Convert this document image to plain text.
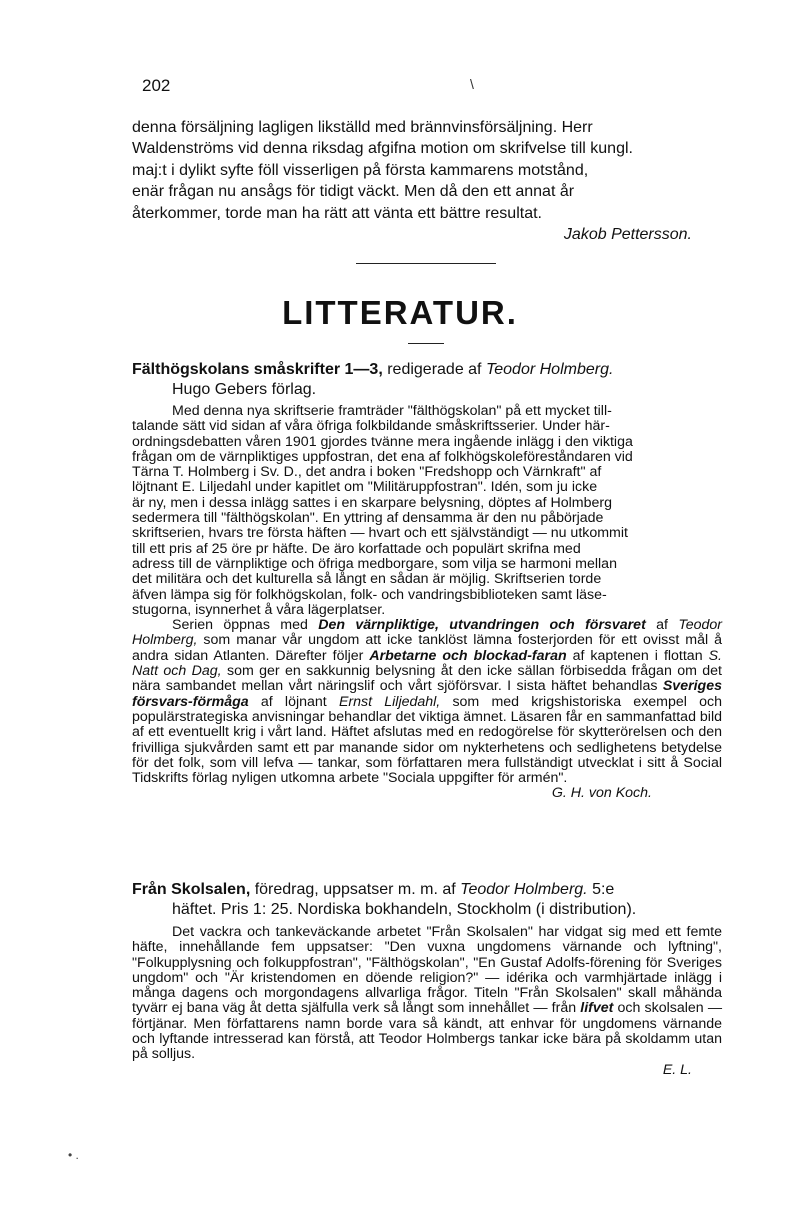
202	\

denna försäljning lagligen likställd med brännvinsförsäljning. Herr

Waldenströms vid denna riksdag afgifna motion om skrifvelse till kungl.

maj:t i dylikt syfte föll visserligen på första kammarens motstånd,

enär frågan nu ansågs för tidigt väckt. Men då den ett annat år

återkommer, torde man ha rätt att vänta ett bättre resultat.

Jakob Pettersson.

LITTERATUR.
Fälthögskolans småskrifter 1—3, redigerade af Teodor Holmberg.
Hugo Gebers förlag.

Med denna nya skriftserie framträder "fälthögskolan" på ett mycket till-

talande sätt vid sidan af våra öfriga folkbildande småskriftsserier. Under här-

ordningsdebatten våren 1901 gjordes tvänne mera ingående inlägg i den viktiga

frågan om de värnpliktiges uppfostran, det ena af folkhögskoleföreståndaren vid

Tärna T. Holmberg i Sv. D., det andra i boken "Fredshopp och Värnkraft" af

löjtnant E. Liljedahl under kapitlet om "Militäruppfostran". Idén, som ju icke

är ny, men i dessa inlägg sattes i en skarpare belysning, döptes af Holmberg

sedermera till "fälthögskolan". En yttring af densamma är den nu påbörjade

skriftserien, hvars tre första häften — hvart och ett självständigt — nu utkommit

till ett pris af 25 öre pr häfte. De äro korfattade och populärt skrifna med

adress till de värnpliktige och öfriga medborgare, som vilja se harmoni mellan

det militära och det kulturella så långt en sådan är möjlig. Skriftserien torde

äfven lämpa sig för folkhögskolan, folk- och vandringsbiblioteken samt läse-

stugorna, isynnerhet å våra lägerplatser.

Serien öppnas med Den värnpliktige, utvandringen och försvaret af Teodor Holmberg, som manar vår ungdom att icke tanklöst lämna fosterjorden för ett ovisst mål å andra sidan Atlanten. Därefter följer Arbetarne och blockad-faran af kaptenen i flottan S. Natt och Dag, som ger en sakkunnig belysning åt den icke sällan förbisedda frågan om det nära sambandet mellan vårt näringslif och vårt sjöförsvar. I sista häftet behandlas Sveriges försvars-förmåga af löjnant Ernst Liljedahl, som med krigshistoriska exempel och populärstrategiska anvisningar behandlar det viktiga ämnet. Läsaren får en sammanfattad bild af ett eventuellt krig i vårt land. Häftet afslutas med en redogörelse för skytterörelsen och den frivilliga sjukvården samt ett par manande sidor om nykterhetens och sedlighetens betydelse för det folk, som vill lefva — tankar, som författaren mera fullständigt utvecklat i sitt å Social Tidskrifts förlag nyligen utkomna arbete "Sociala uppgifter för armén".

G. H. von Koch.

Från Skolsalen, föredrag, uppsatser m. m. af Teodor Holmberg. 5:e
häftet. Pris 1: 25. Nordiska bokhandeln, Stockholm (i distribution).

Det vackra och tankeväckande arbetet "Från Skolsalen" har vidgat sig med ett femte häfte, innehållande fem uppsatser: "Den vuxna ungdomens värnande och lyftning", "Folkupplysning och folkuppfostran", "Fälthögskolan", "En Gustaf Adolfs-förening för Sveriges ungdom" och "Är kristendomen en döende religion?" — idérika och varmhjärtade inlägg i många dagens och morgondagens allvarliga frågor. Titeln "Från Skolsalen" skall måhända tyvärr ej bana väg åt detta själfulla verk så långt som innehållet — från lifvet och skolsalen — förtjänar. Men författarens namn borde vara så kändt, att enhvar för ungdomens värnande och lyftande intresserad kan förstå, att Teodor Holmbergs tankar icke bära på skoldamm utan på solljus.

E. L.

• .
